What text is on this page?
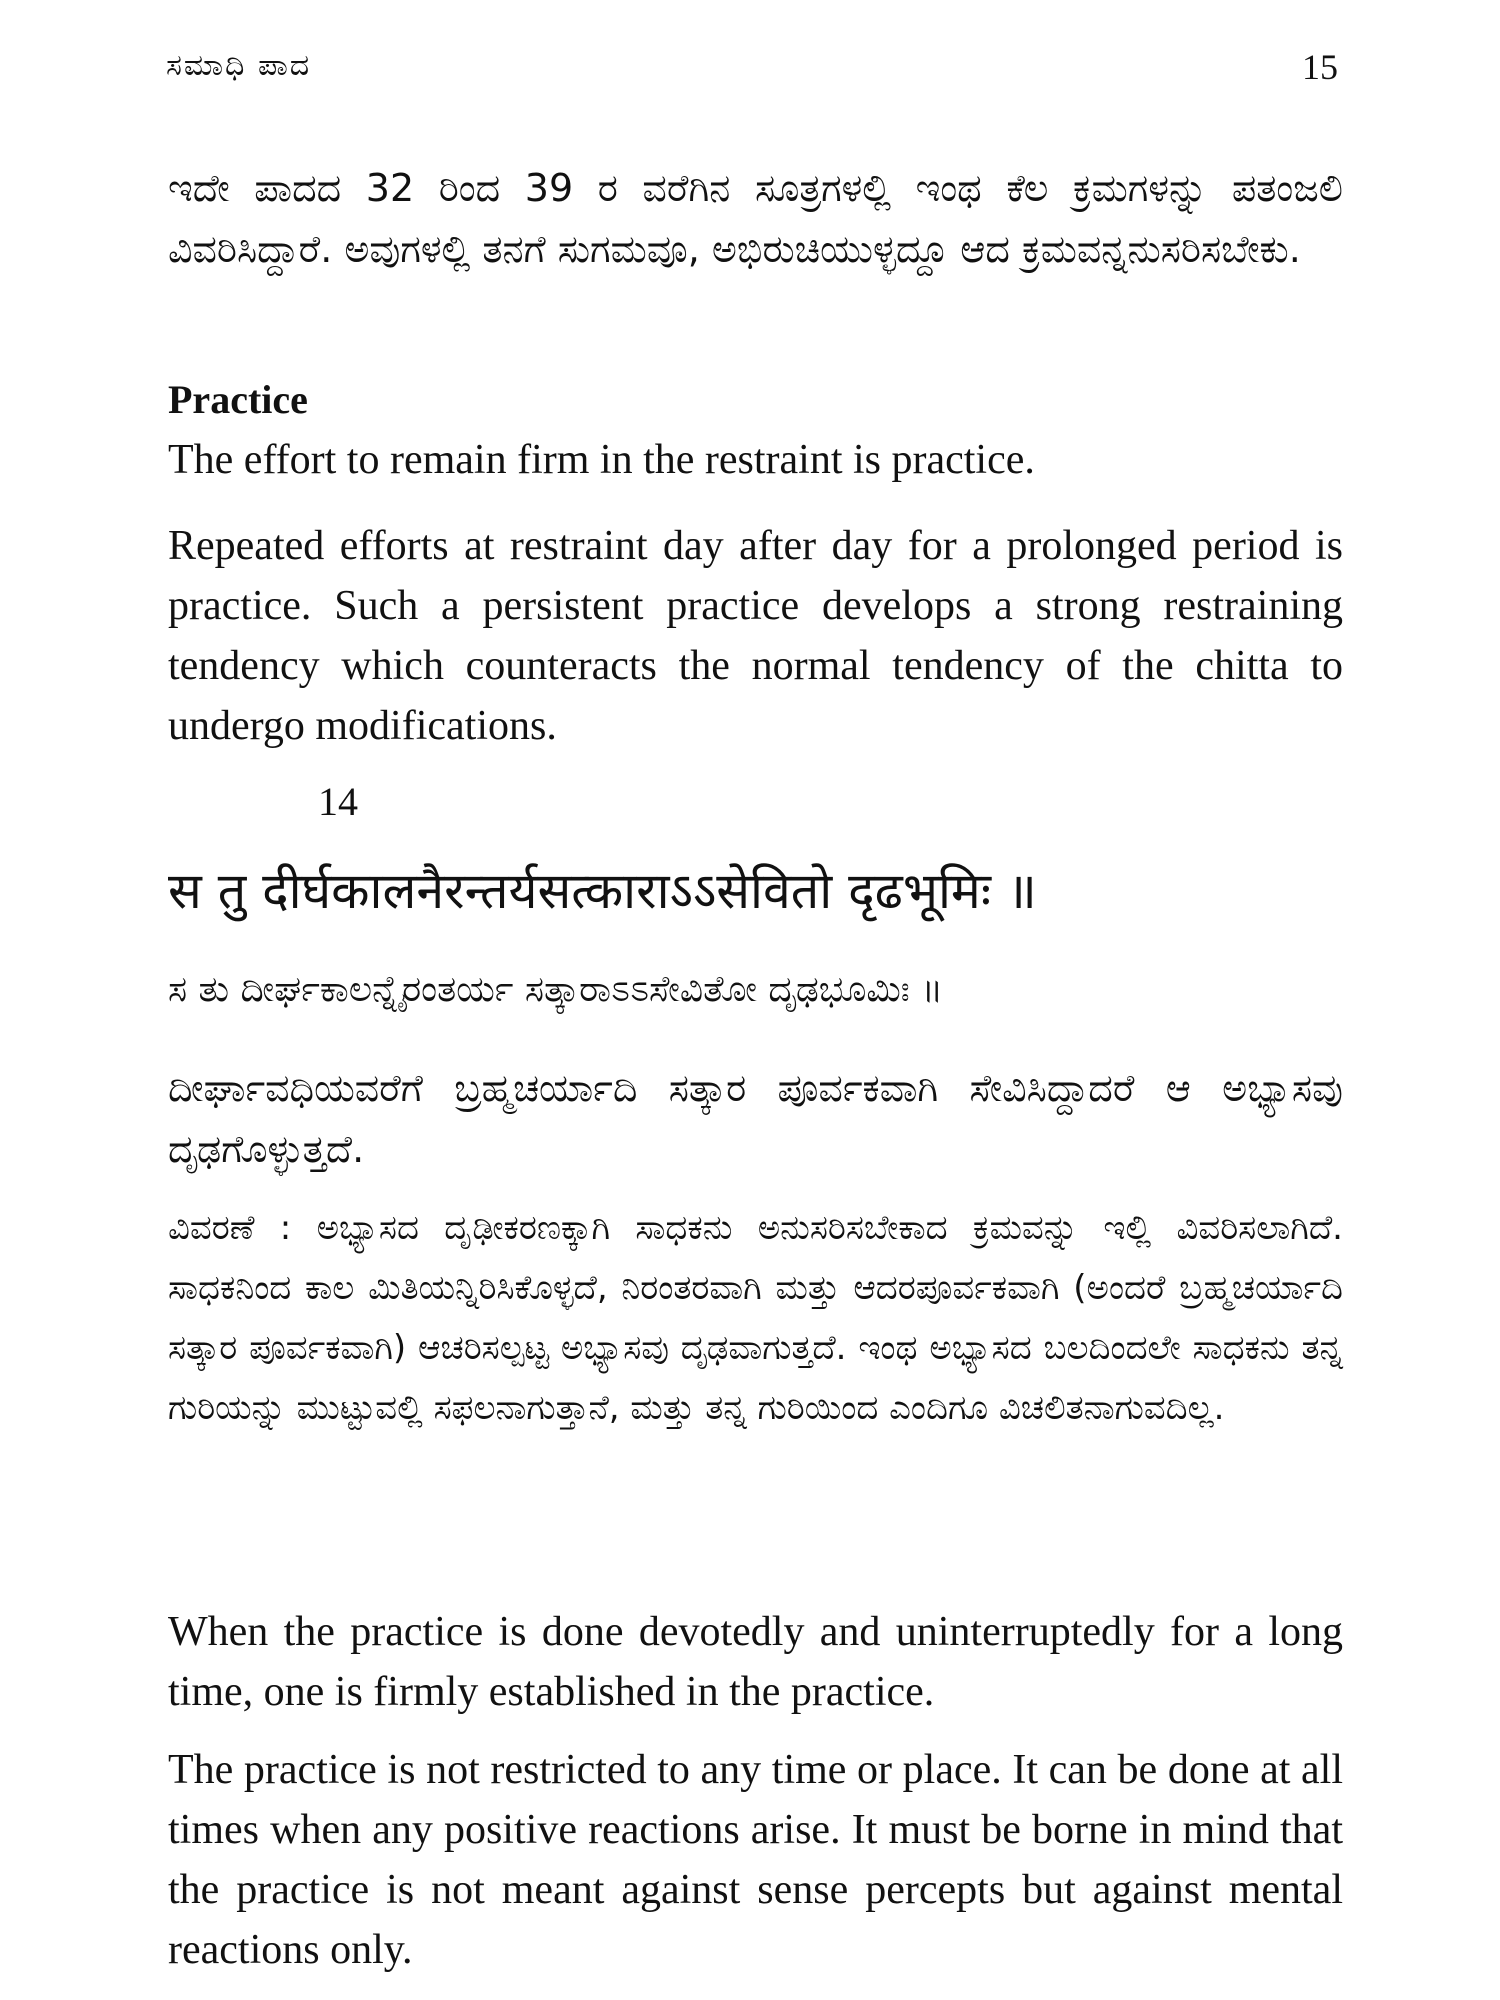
ಸಮಾಧಿ ಪಾದ	15

ಇದೇ ಪಾದದ 32 ರಿಂದ 39 ರ ವರೆಗಿನ ಸೂತ್ರಗಳಲ್ಲಿ ಇಂಥ ಕೆಲ ಕ್ರಮಗಳನ್ನು ಪತಂಜಲಿ ವಿವರಿಸಿದ್ದಾರೆ. ಅವುಗಳಲ್ಲಿ ತನಗೆ ಸುಗಮವೂ, ಅಭಿರುಚಿಯುಳ್ಳದ್ದೂ ಆದ ಕ್ರಮವನ್ನನುಸರಿಸಬೇಕು.

Practice

The effort to remain firm in the restraint is practice.

Repeated efforts at restraint day after day for a prolonged period is practice. Such a persistent practice develops a strong restraining tendency which counteracts the normal tendency of the chitta to undergo modifications.

14
स तु दीर्घकालनैरन्तर्यसत्काराऽऽसेवितो दृढभूमिः ॥
ಸ ತು ದೀರ್ಘಕಾಲನ್ನೈರಂತರ್ಯ ಸತ್ಕಾರಾಽಽಸೇವಿತೋ ದೃಢಭೂಮಿಃ ॥

ದೀರ್ಘಾವಧಿಯವರೆಗೆ ಬ್ರಹ್ಮಚರ್ಯಾದಿ ಸತ್ಕಾರ ಪೂರ್ವಕವಾಗಿ ಸೇವಿಸಿದ್ದಾದರೆ ಆ ಅಭ್ಯಾಸವು ದೃಢಗೊಳ್ಳುತ್ತದೆ.

ವಿವರಣೆ : ಅಭ್ಯಾಸದ ದೃಢೀಕರಣಕ್ಕಾಗಿ ಸಾಧಕನು ಅನುಸರಿಸಬೇಕಾದ ಕ್ರಮವನ್ನು ಇಲ್ಲಿ ವಿವರಿಸಲಾಗಿದೆ. ಸಾಧಕನಿಂದ ಕಾಲ ಮಿತಿಯನ್ನಿರಿಸಿಕೊಳ್ಳದೆ, ನಿರಂತರವಾಗಿ ಮತ್ತು ಆದರಪೂರ್ವಕವಾಗಿ (ಅಂದರೆ ಬ್ರಹ್ಮಚರ್ಯಾದಿ ಸತ್ಕಾರ ಪೂರ್ವಕವಾಗಿ) ಆಚರಿಸಲ್ಪಟ್ಟ ಅಭ್ಯಾಸವು ದೃಢವಾಗುತ್ತದೆ. ಇಂಥ ಅಭ್ಯಾಸದ ಬಲದಿಂದಲೇ ಸಾಧಕನು ತನ್ನ ಗುರಿಯನ್ನು ಮುಟ್ಟುವಲ್ಲಿ ಸಫಲನಾಗುತ್ತಾನೆ, ಮತ್ತು ತನ್ನ ಗುರಿಯಿಂದ ಎಂದಿಗೂ ವಿಚಲಿತನಾಗುವದಿಲ್ಲ.

When the practice is done devotedly and uninterruptedly for a long time, one is firmly established in the practice.

The practice is not restricted to any time or place. It can be done at all times when any positive reactions arise. It must be borne in mind that the practice is not meant against sense percepts but against mental reactions only.
